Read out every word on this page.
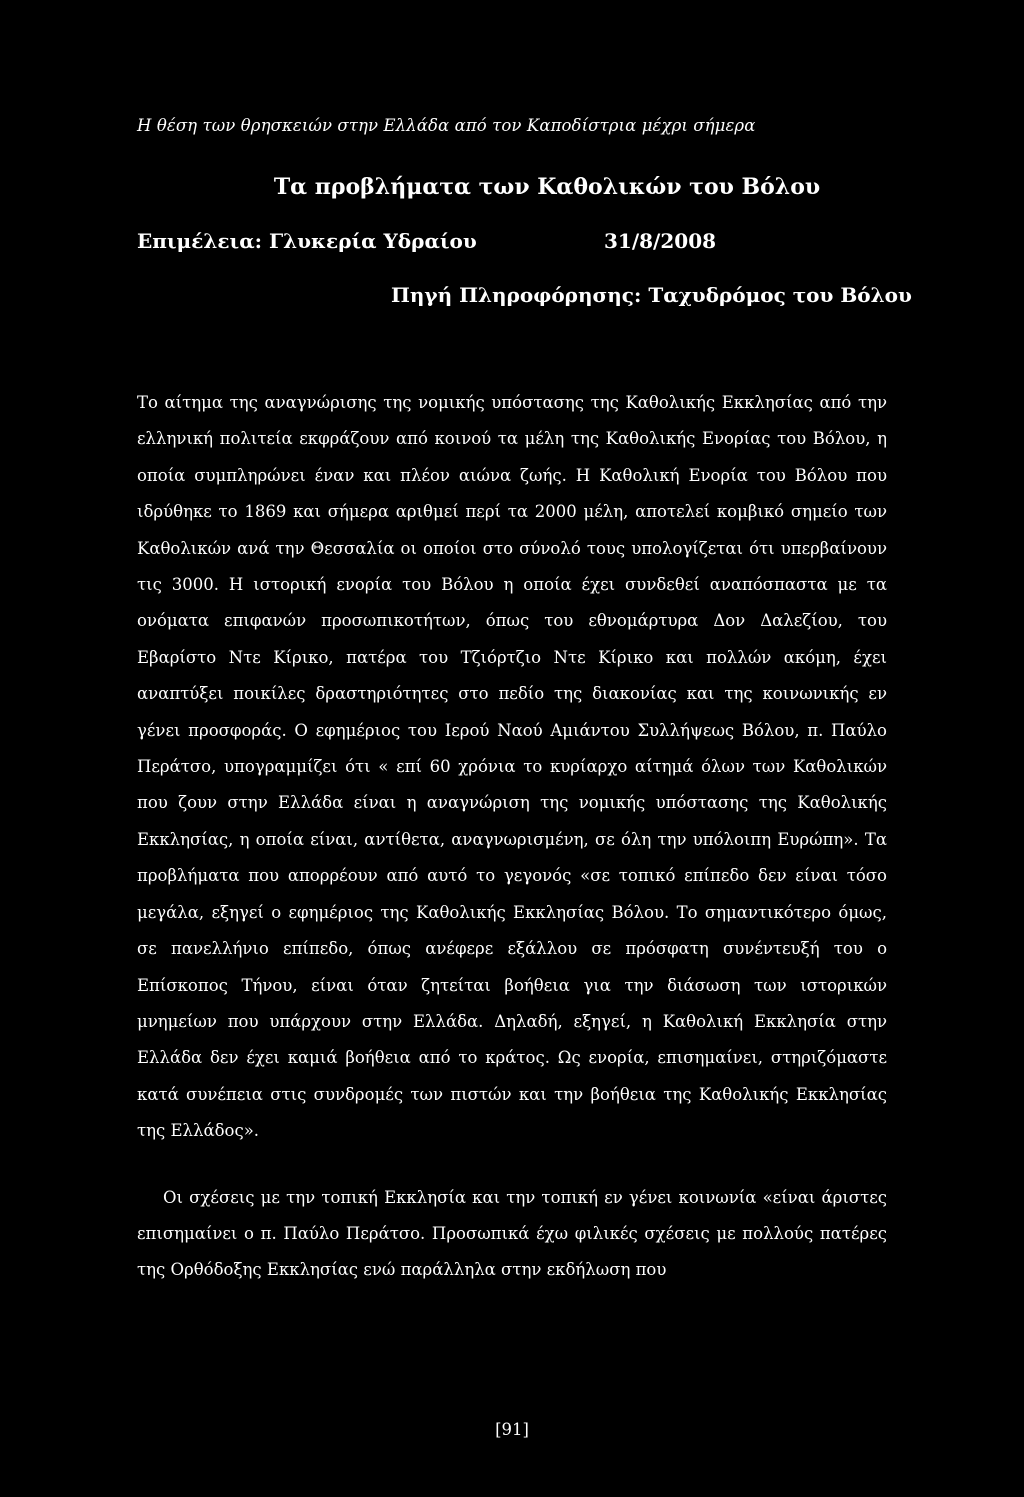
Η θέση των θρησκειών στην Ελλάδα από τον Καποδίστρια μέχρι σήμερα
Τα προβλήματα των Καθολικών του Βόλου
Επιμέλεια: Γλυκερία Υδραίου	31/8/2008
Πηγή Πληροφόρησης: Ταχυδρόμος του Βόλου

Το αίτημα της αναγνώρισης της νομικής υπόστασης της Καθολικής Εκκλησίας από την ελληνική πολιτεία εκφράζουν από κοινού τα μέλη της Καθολικής Ενορίας του Βόλου, η οποία συμπληρώνει έναν και πλέον αιώνα ζωής. Η Καθολική Ενορία του Βόλου που ιδρύθηκε το 1869 και σήμερα αριθμεί περί τα 2000 μέλη, αποτελεί κομβικό σημείο των Καθολικών ανά την Θεσσαλία οι οποίοι στο σύνολό τους υπολογίζεται ότι υπερβαίνουν τις 3000. Η ιστορική ενορία του Βόλου η οποία έχει συνδεθεί αναπόσπαστα με τα ονόματα επιφανών προσωπικοτήτων, όπως του εθνομάρτυρα Δον Δαλεζίου, του Εβαρίστο Ντε Κίρικο, πατέρα του Τζιόρτζιο Ντε Κίρικο και πολλών ακόμη, έχει αναπτύξει ποικίλες δραστηριότητες στο πεδίο της διακονίας και της κοινωνικής εν γένει προσφοράς. Ο εφημέριος του Ιερού Ναού Αμιάντου Συλλήψεως Βόλου, π. Παύλο Περάτσο, υπογραμμίζει ότι « επί 60 χρόνια το κυρίαρχο αίτημά όλων των Καθολικών που ζουν στην Ελλάδα είναι η αναγνώριση της νομικής υπόστασης της Καθολικής Εκκλησίας, η οποία είναι, αντίθετα, αναγνωρισμένη, σε όλη την υπόλοιπη Ευρώπη». Τα προβλήματα που απορρέουν από αυτό το γεγονός «σε τοπικό επίπεδο δεν είναι τόσο μεγάλα, εξηγεί ο εφημέριος της Καθολικής Εκκλησίας Βόλου. Το σημαντικότερο όμως, σε πανελλήνιο επίπεδο, όπως ανέφερε εξάλλου σε πρόσφατη συνέντευξή του ο Επίσκοπος Τήνου, είναι όταν ζητείται βοήθεια για την διάσωση των ιστορικών μνημείων που υπάρχουν στην Ελλάδα. Δηλαδή, εξηγεί, η Καθολική Εκκλησία στην Ελλάδα δεν έχει καμιά βοήθεια από το κράτος. Ως ενορία, επισημαίνει, στηριζόμαστε κατά συνέπεια στις συνδρομές των πιστών και την βοήθεια της Καθολικής Εκκλησίας της Ελλάδος».

Οι σχέσεις με την τοπική Εκκλησία και την τοπική εν γένει κοινωνία «είναι άριστες επισημαίνει ο π. Παύλο Περάτσο. Προσωπικά έχω φιλικές σχέσεις με πολλούς πατέρες της Ορθόδοξης Εκκλησίας ενώ παράλληλα στην εκδήλωση που

[91]
